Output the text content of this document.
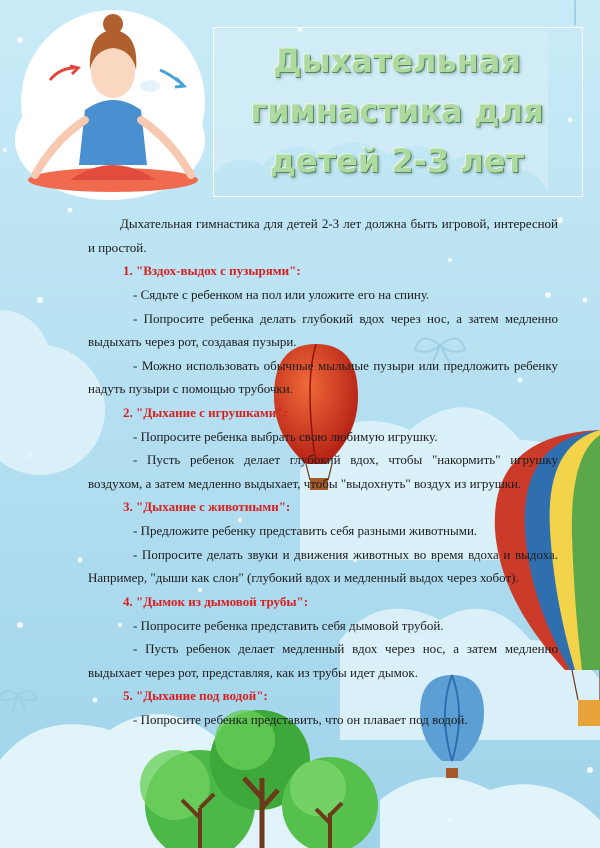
Дыхательная
гимнастика для
детей 2-3 лет

Дыхательная гимнастика для детей 2-3 лет должна быть игровой, интересной и простой.

1. "Вздох-выдох с пузырями":

- Сядьте с ребенком на пол или уложите его на спину.

- Попросите ребенка делать глубокий вдох через нос, а затем медленно выдыхать через рот, создавая пузыри.

- Можно использовать обычные мыльные пузыри или предложить ребенку надуть пузыри с помощью трубочки.

2. "Дыхание с игрушками":

- Попросите ребенка выбрать свою любимую игрушку.

- Пусть ребенок делает глубокий вдох, чтобы "накормить" игрушку воздухом, а затем медленно выдыхает, чтобы "выдохнуть" воздух из игрушки.

3. "Дыхание с животными":

- Предложите ребенку представить себя разными животными.

- Попросите делать звуки и движения животных во время вдоха и выдоха. Например, "дыши как слон" (глубокий вдох и медленный выдох через хобот).

4. "Дымок из дымовой трубы":

- Попросите ребенка представить себя дымовой трубой.

- Пусть ребенок делает медленный вдох через нос, а затем медленно выдыхает через рот, представляя, как из трубы идет дымок.

5. "Дыхание под водой":

- Попросите ребенка представить, что он плавает под водой.
